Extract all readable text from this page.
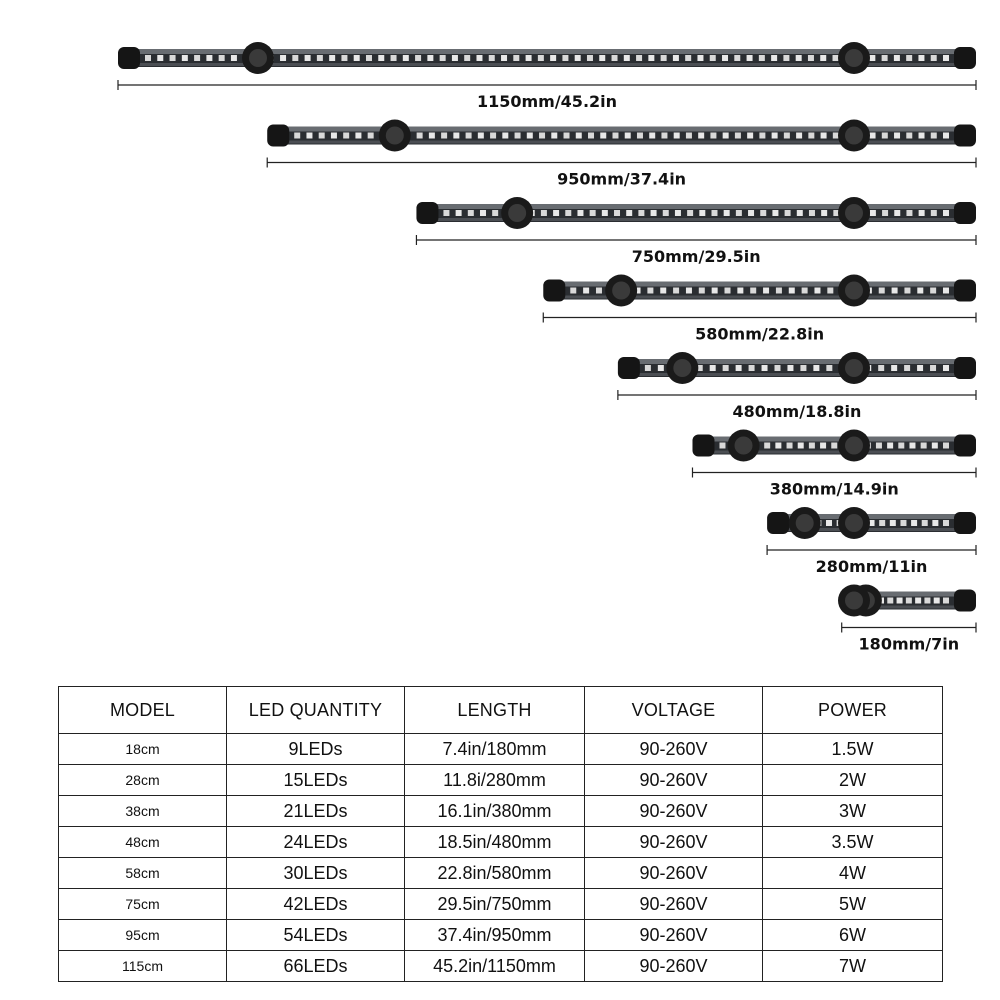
1150mm/45.2in
950mm/37.4in
750mm/29.5in
580mm/22.8in
480mm/18.8in
380mm/14.9in
280mm/11in
180mm/7in
MODEL	LED QUANTITY	LENGTH	VOLTAGE	POWER
18cm	9LEDs	7.4in/180mm	90-260V	1.5W
28cm	15LEDs	11.8i/280mm	90-260V	2W
38cm	21LEDs	16.1in/380mm	90-260V	3W
48cm	24LEDs	18.5in/480mm	90-260V	3.5W
58cm	30LEDs	22.8in/580mm	90-260V	4W
75cm	42LEDs	29.5in/750mm	90-260V	5W
95cm	54LEDs	37.4in/950mm	90-260V	6W
115cm	66LEDs	45.2in/1150mm	90-260V	7W
